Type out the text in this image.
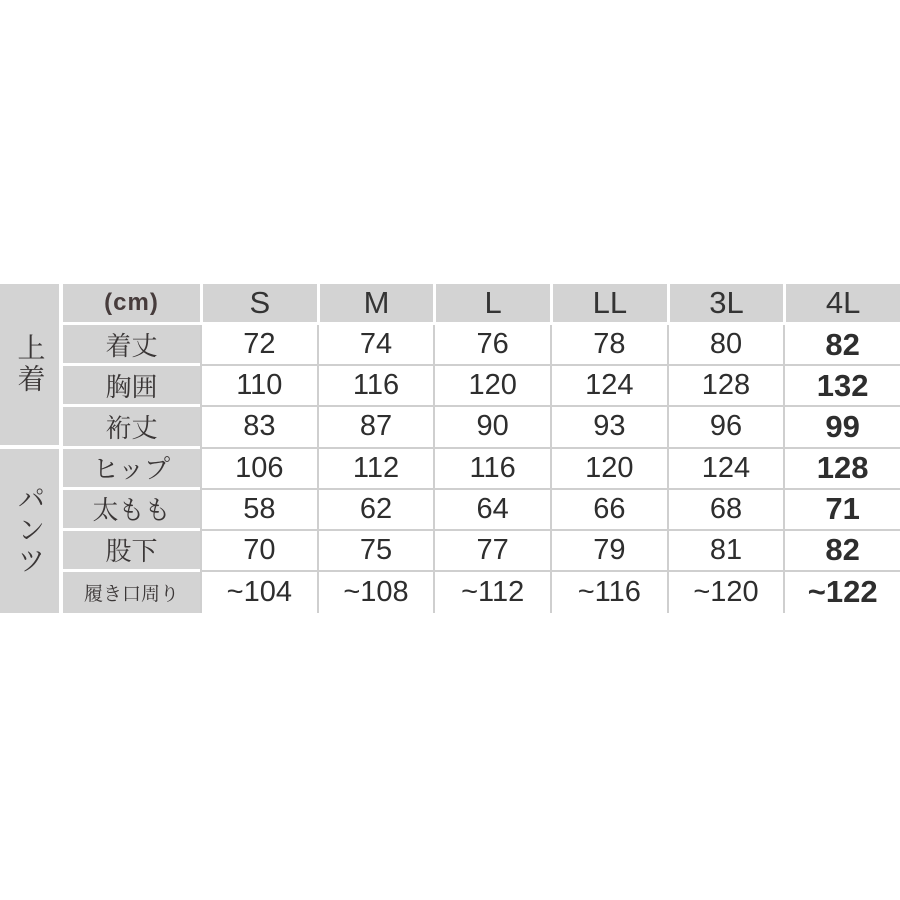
上着
パンツ
(cm)	S	M	L	LL	3L	4L
着丈	72	74	76	78	80	82
胸囲	110	116	120	124	128	132
裄丈	83	87	90	93	96	99
ヒップ	106	112	116	120	124	128
太もも	58	62	64	66	68	71
股下	70	75	77	79	81	82
履き口周り	~104	~108	~112	~116	~120	~122
